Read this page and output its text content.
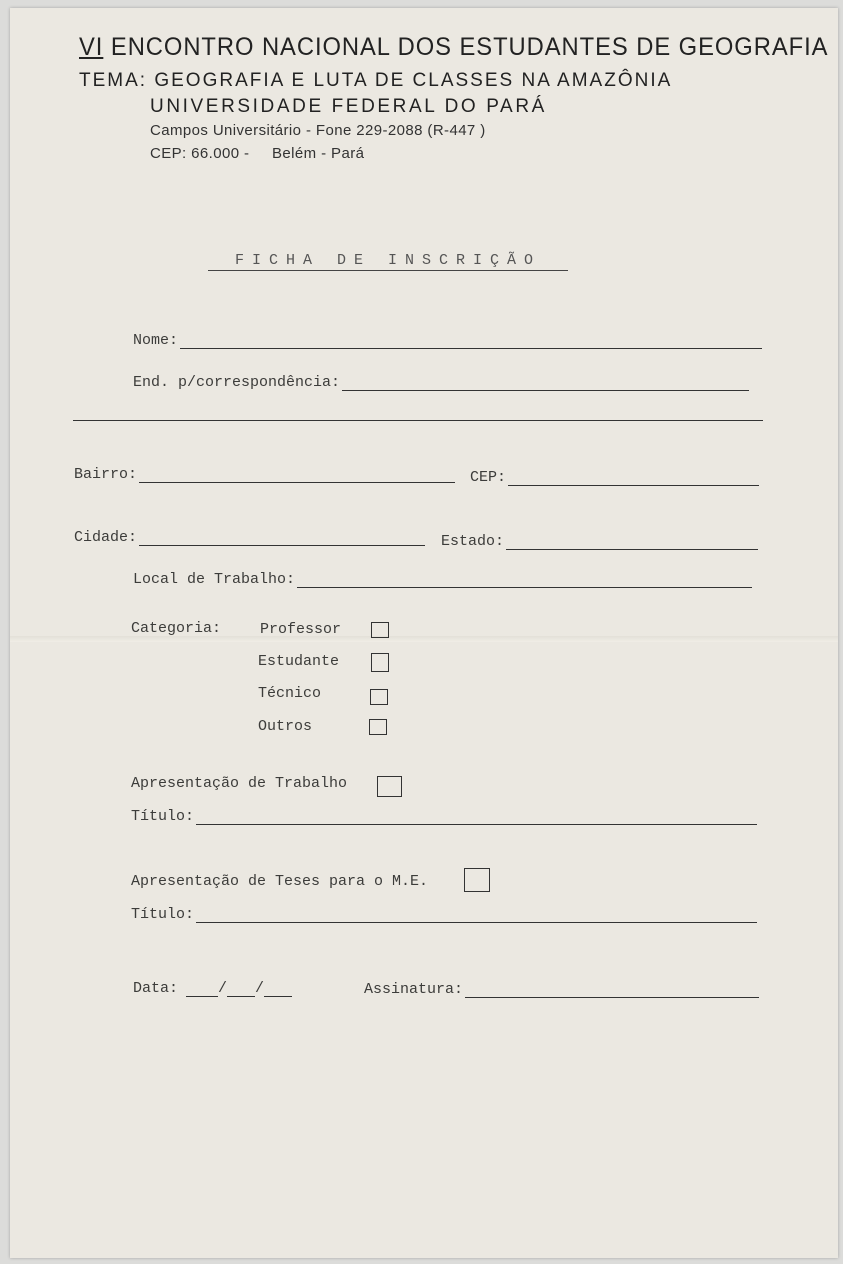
VI ENCONTRO NACIONAL DOS ESTUDANTES DE GEOGRAFIA
TEMA: GEOGRAFIA E LUTA DE CLASSES NA AMAZÔNIA
UNIVERSIDADE FEDERAL DO PARÁ
Campos Universitário - Fone 229-2088 (R-447 )
CEP: 66.000 - Belém - Pará
FICHA DE INSCRIÇÃO
Nome:
End. p/correspondência:
Bairro:	CEP:
Cidade:	Estado:
Local de Trabalho:
Categoria:	Professor
Estudante
Técnico
Outros
Apresentação de Trabalho
Título:
Apresentação de Teses para o M.E.
Título:
Data:	/ /	Assinatura:
